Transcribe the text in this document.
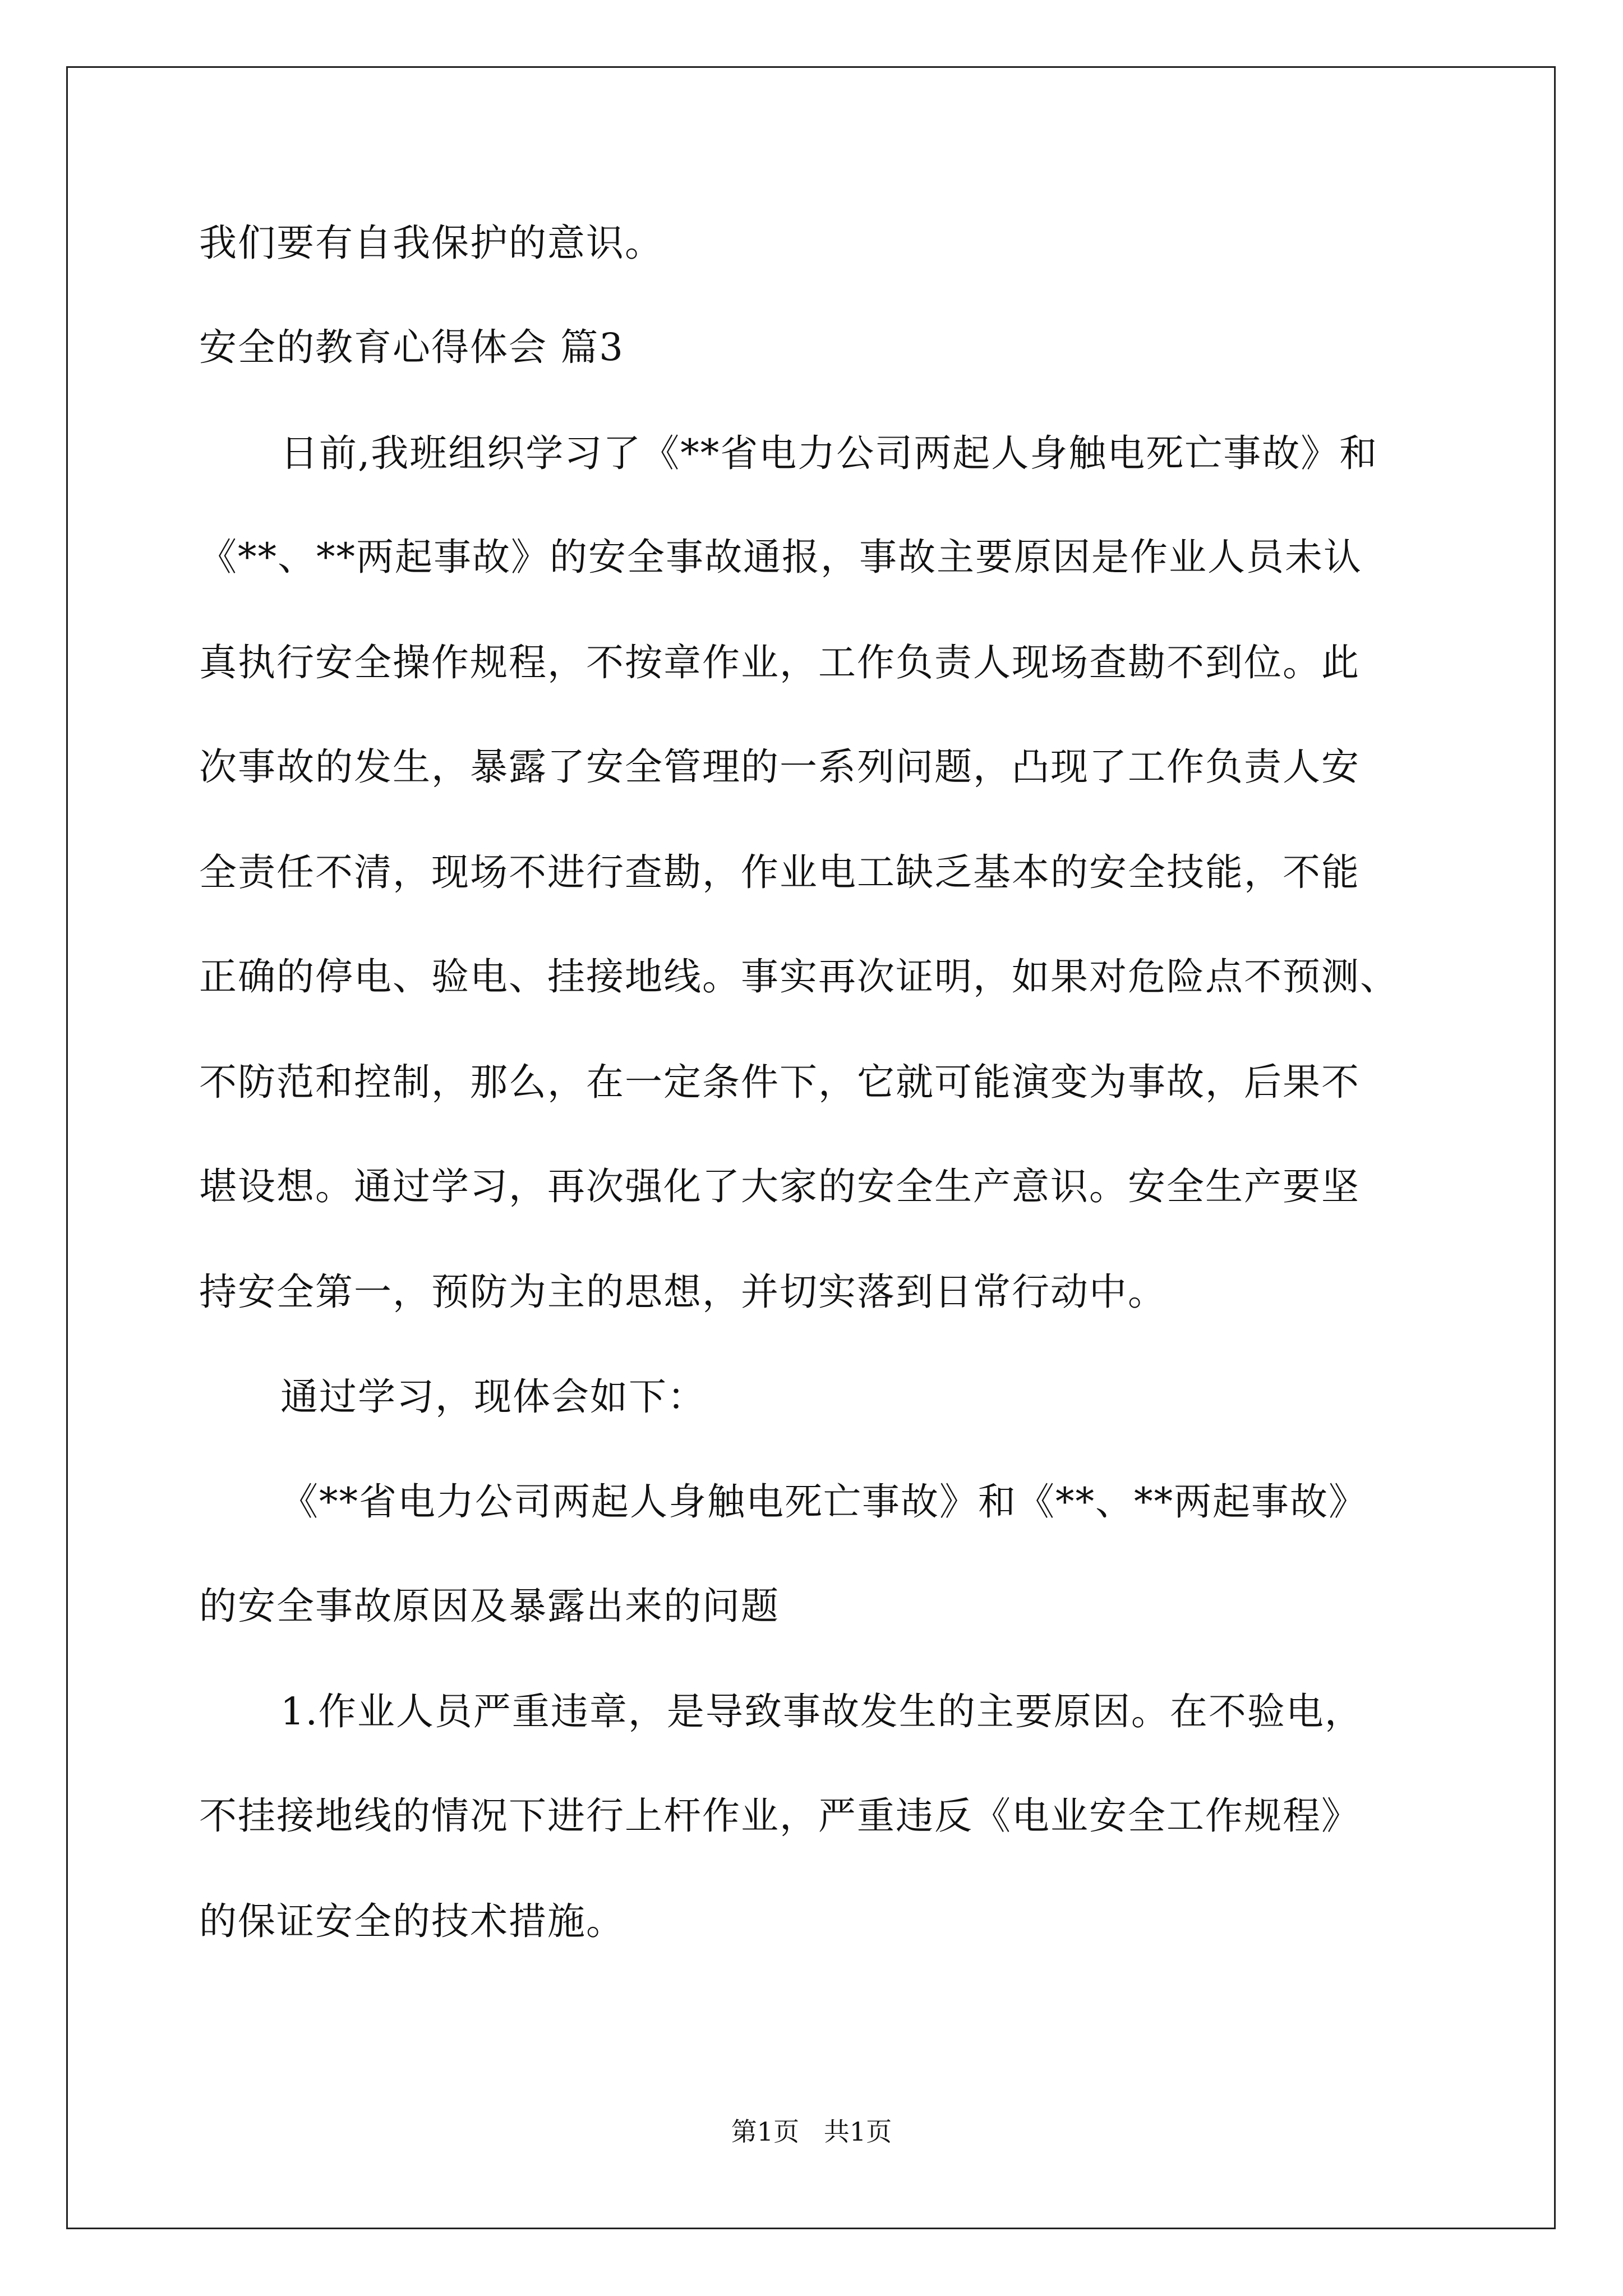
我们要有自我保护的意识。
安全的教育心得体会 篇3
日前,我班组织学习了《**省电力公司两起人身触电死亡事故》和
《**、**两起事故》的安全事故通报，事故主要原因是作业人员未认
真执行安全操作规程，不按章作业，工作负责人现场查勘不到位。此
次事故的发生，暴露了安全管理的一系列问题，凸现了工作负责人安
全责任不清，现场不进行查勘，作业电工缺乏基本的安全技能，不能
正确的停电、验电、挂接地线。事实再次证明，如果对危险点不预测、
不防范和控制，那么，在一定条件下，它就可能演变为事故，后果不
堪设想。通过学习，再次强化了大家的安全生产意识。安全生产要坚
持安全第一，预防为主的思想，并切实落到日常行动中。
通过学习，现体会如下：
《**省电力公司两起人身触电死亡事故》和《**、**两起事故》
的安全事故原因及暴露出来的问题
1.作业人员严重违章，是导致事故发生的主要原因。在不验电，
不挂接地线的情况下进行上杆作业，严重违反《电业安全工作规程》
的保证安全的技术措施。
第1页   共1页
